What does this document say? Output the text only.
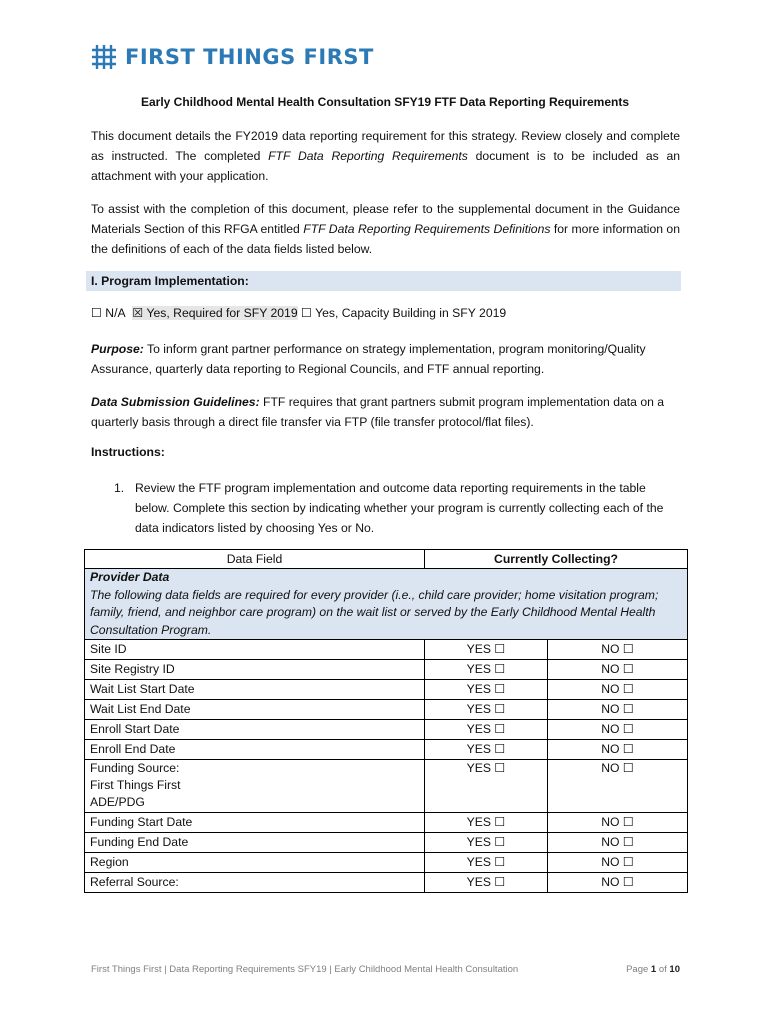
FIRST THINGS FIRST
Early Childhood Mental Health Consultation SFY19 FTF Data Reporting Requirements

This document details the FY2019 data reporting requirement for this strategy. Review closely and complete as instructed. The completed FTF Data Reporting Requirements document is to be included as an attachment with your application.

To assist with the completion of this document, please refer to the supplemental document in the Guidance Materials Section of this RFGA entitled FTF Data Reporting Requirements Definitions for more information on the definitions of each of the data fields listed below.

I. Program Implementation:
☐ N/A ☒ Yes, Required for SFY 2019 ☐ Yes, Capacity Building in SFY 2019

Purpose: To inform grant partner performance on strategy implementation, program monitoring/Quality Assurance, quarterly data reporting to Regional Councils, and FTF annual reporting.

Data Submission Guidelines: FTF requires that grant partners submit program implementation data on a quarterly basis through a direct file transfer via FTP (file transfer protocol/flat files).

Instructions:

1. Review the FTF program implementation and outcome data reporting requirements in the table below. Complete this section by indicating whether your program is currently collecting each of the data indicators listed by choosing Yes or No.

Data Field	Currently Collecting?	
Provider Data
The following data fields are required for every provider (i.e., child care provider; home visitation program; family, friend, and neighbor care program) on the wait list or served by the Early Childhood Mental Health Consultation Program.		
Site ID	YES ☐	NO ☐
Site Registry ID	YES ☐	NO ☐
Wait List Start Date	YES ☐	NO ☐
Wait List End Date	YES ☐	NO ☐
Enroll Start Date	YES ☐	NO ☐
Enroll End Date	YES ☐	NO ☐
Funding Source:
First Things First
ADE/PDG	YES ☐	NO ☐
Funding Start Date	YES ☐	NO ☐
Funding End Date	YES ☐	NO ☐
Region	YES ☐	NO ☐
Referral Source:	YES ☐	NO ☐
First Things First | Data Reporting Requirements SFY19 | Early Childhood Mental Health Consultation	Page 1 of 10
